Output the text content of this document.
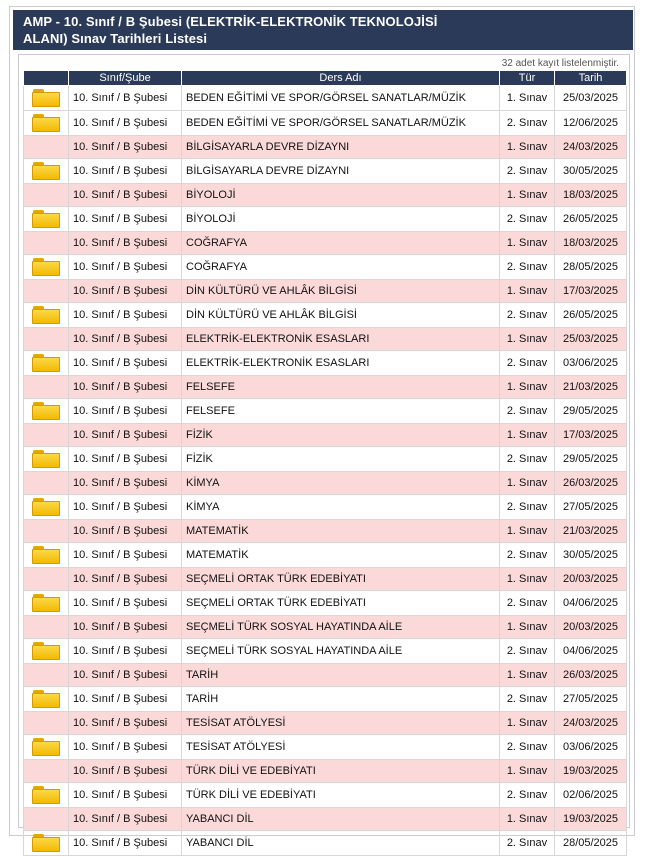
AMP - 10. Sınıf / B Şubesi (ELEKTRİK-ELEKTRONİK TEKNOLOJİSİ
ALANI) Sınav Tarihleri Listesi
32 adet kayıt listelenmiştir.
	Sınıf/Şube	Ders Adı	Tür	Tarih

	10. Sınıf / B Şubesi	BEDEN EĞİTİMİ VE SPOR/GÖRSEL SANATLAR/MÜZİK	1. Sınav	25/03/2025

	10. Sınıf / B Şubesi	BEDEN EĞİTİMİ VE SPOR/GÖRSEL SANATLAR/MÜZİK	2. Sınav	12/06/2025
	10. Sınıf / B Şubesi	BİLGİSAYARLA DEVRE DİZAYNI	1. Sınav	24/03/2025

	10. Sınıf / B Şubesi	BİLGİSAYARLA DEVRE DİZAYNI	2. Sınav	30/05/2025
	10. Sınıf / B Şubesi	BİYOLOJİ	1. Sınav	18/03/2025

	10. Sınıf / B Şubesi	BİYOLOJİ	2. Sınav	26/05/2025
	10. Sınıf / B Şubesi	COĞRAFYA	1. Sınav	18/03/2025

	10. Sınıf / B Şubesi	COĞRAFYA	2. Sınav	28/05/2025
	10. Sınıf / B Şubesi	DİN KÜLTÜRÜ VE AHLÂK BİLGİSİ	1. Sınav	17/03/2025

	10. Sınıf / B Şubesi	DİN KÜLTÜRÜ VE AHLÂK BİLGİSİ	2. Sınav	26/05/2025
	10. Sınıf / B Şubesi	ELEKTRİK-ELEKTRONİK ESASLARI	1. Sınav	25/03/2025

	10. Sınıf / B Şubesi	ELEKTRİK-ELEKTRONİK ESASLARI	2. Sınav	03/06/2025
	10. Sınıf / B Şubesi	FELSEFE	1. Sınav	21/03/2025

	10. Sınıf / B Şubesi	FELSEFE	2. Sınav	29/05/2025
	10. Sınıf / B Şubesi	FİZİK	1. Sınav	17/03/2025

	10. Sınıf / B Şubesi	FİZİK	2. Sınav	29/05/2025
	10. Sınıf / B Şubesi	KİMYA	1. Sınav	26/03/2025

	10. Sınıf / B Şubesi	KİMYA	2. Sınav	27/05/2025
	10. Sınıf / B Şubesi	MATEMATİK	1. Sınav	21/03/2025

	10. Sınıf / B Şubesi	MATEMATİK	2. Sınav	30/05/2025
	10. Sınıf / B Şubesi	SEÇMELİ ORTAK TÜRK EDEBİYATI	1. Sınav	20/03/2025

	10. Sınıf / B Şubesi	SEÇMELİ ORTAK TÜRK EDEBİYATI	2. Sınav	04/06/2025
	10. Sınıf / B Şubesi	SEÇMELİ TÜRK SOSYAL HAYATINDA AİLE	1. Sınav	20/03/2025

	10. Sınıf / B Şubesi	SEÇMELİ TÜRK SOSYAL HAYATINDA AİLE	2. Sınav	04/06/2025
	10. Sınıf / B Şubesi	TARİH	1. Sınav	26/03/2025

	10. Sınıf / B Şubesi	TARİH	2. Sınav	27/05/2025
	10. Sınıf / B Şubesi	TESİSAT ATÖLYESİ	1. Sınav	24/03/2025

	10. Sınıf / B Şubesi	TESİSAT ATÖLYESİ	2. Sınav	03/06/2025
	10. Sınıf / B Şubesi	TÜRK DİLİ VE EDEBİYATI	1. Sınav	19/03/2025

	10. Sınıf / B Şubesi	TÜRK DİLİ VE EDEBİYATI	2. Sınav	02/06/2025
	10. Sınıf / B Şubesi	YABANCI DİL	1. Sınav	19/03/2025

	10. Sınıf / B Şubesi	YABANCI DİL	2. Sınav	28/05/2025
